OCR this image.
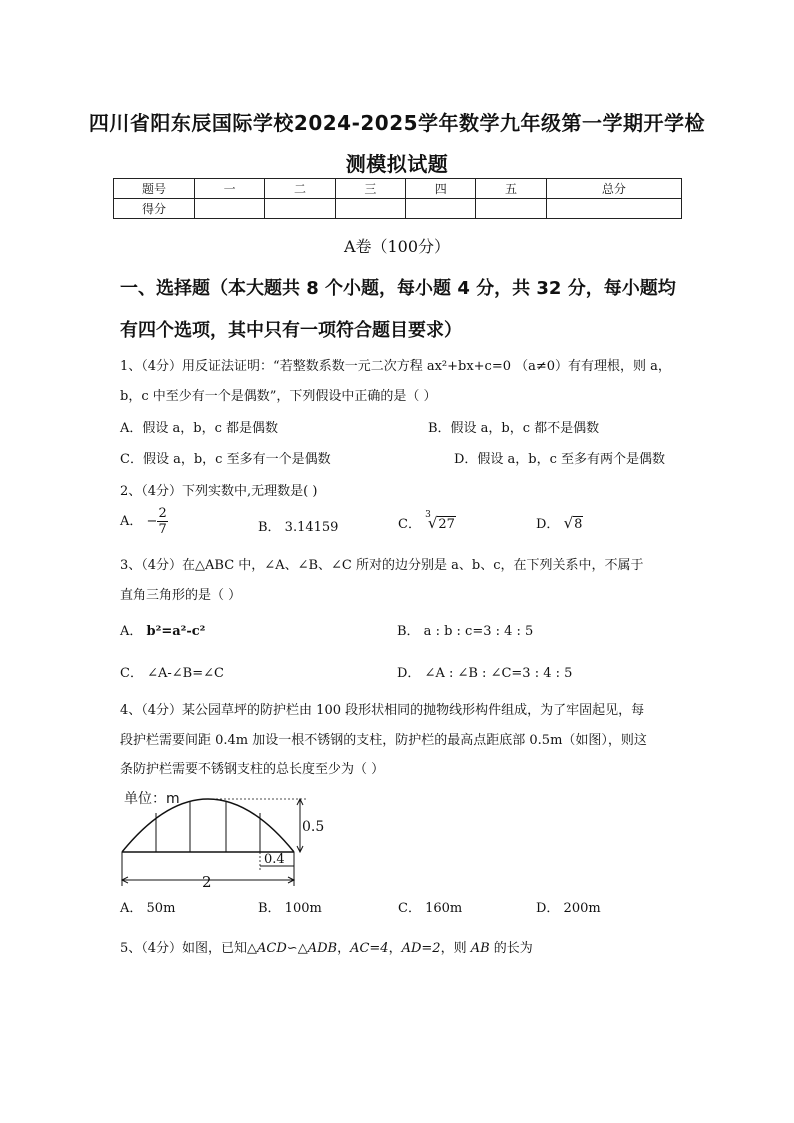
四川省阳东辰国际学校2024-2025学年数学九年级第一学期开学检
测模拟试题
题号	一	二	三	四	五	总分
得分						
A卷（100分）
一、选择题（本大题共 8 个小题，每小题 4 分，共 32 分，每小题均
有四个选项，其中只有一项符合题目要求）
1、（4分）用反证法证明：“若整数系数一元二次方程 ax²+bx+c=0 （a≠0）有有理根，则 a，
b，c 中至少有一个是偶数”，下列假设中正确的是（ ）
A．假设 a，b，c 都是偶数	B．假设 a，b，c 都不是偶数
C．假设 a，b，c 至多有一个是偶数	D．假设 a，b，c 至多有两个是偶数
2、（4分）下列实数中,无理数是( )
A． − $\frac{2}{7}$	B． 3.14159	C． $^3$√27	D． √8
3、（4分）在△ABC 中，∠A、∠B、∠C 所对的边分别是 a、b、c，在下列关系中，不属于
直角三角形的是（ ）
A． b²=a²-c²	B． a : b : c=3 : 4 : 5
C． ∠A-∠B=∠C	D． ∠A : ∠B : ∠C=3 : 4 : 5
4、（4分）某公园草坪的防护栏由 100 段形状相同的抛物线形构件组成，为了牢固起见，每
段护栏需要间距 0.4m 加设一根不锈钢的支柱，防护栏的最高点距底部 0.5m（如图），则这
条防护栏需要不锈钢支柱的总长度至少为（ ）
单位：m
0.5
0.4
2
A． 50m	B． 100m	C． 160m	D． 200m
5、（4分）如图，已知△ACD∽△ADB，AC=4，AD=2，则 AB 的长为
